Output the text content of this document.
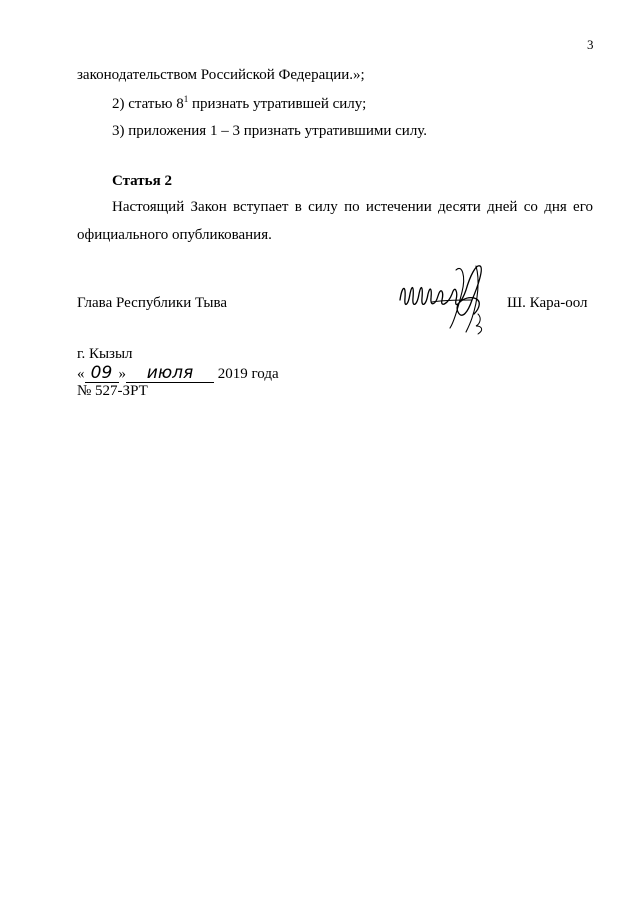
3
законодательством Российской Федерации.»;
2) статью $8^1$ признать утратившей силу;
3) приложения 1 – 3 признать утратившими силу.
Статья 2
Настоящий Закон вступает в силу по истечении десяти дней со дня его
официального опубликования.
Глава Республики Тыва	Ш. Кара-оол
г. Кызыл
« 09 » июля 2019 года
№ 527-ЗРТ
